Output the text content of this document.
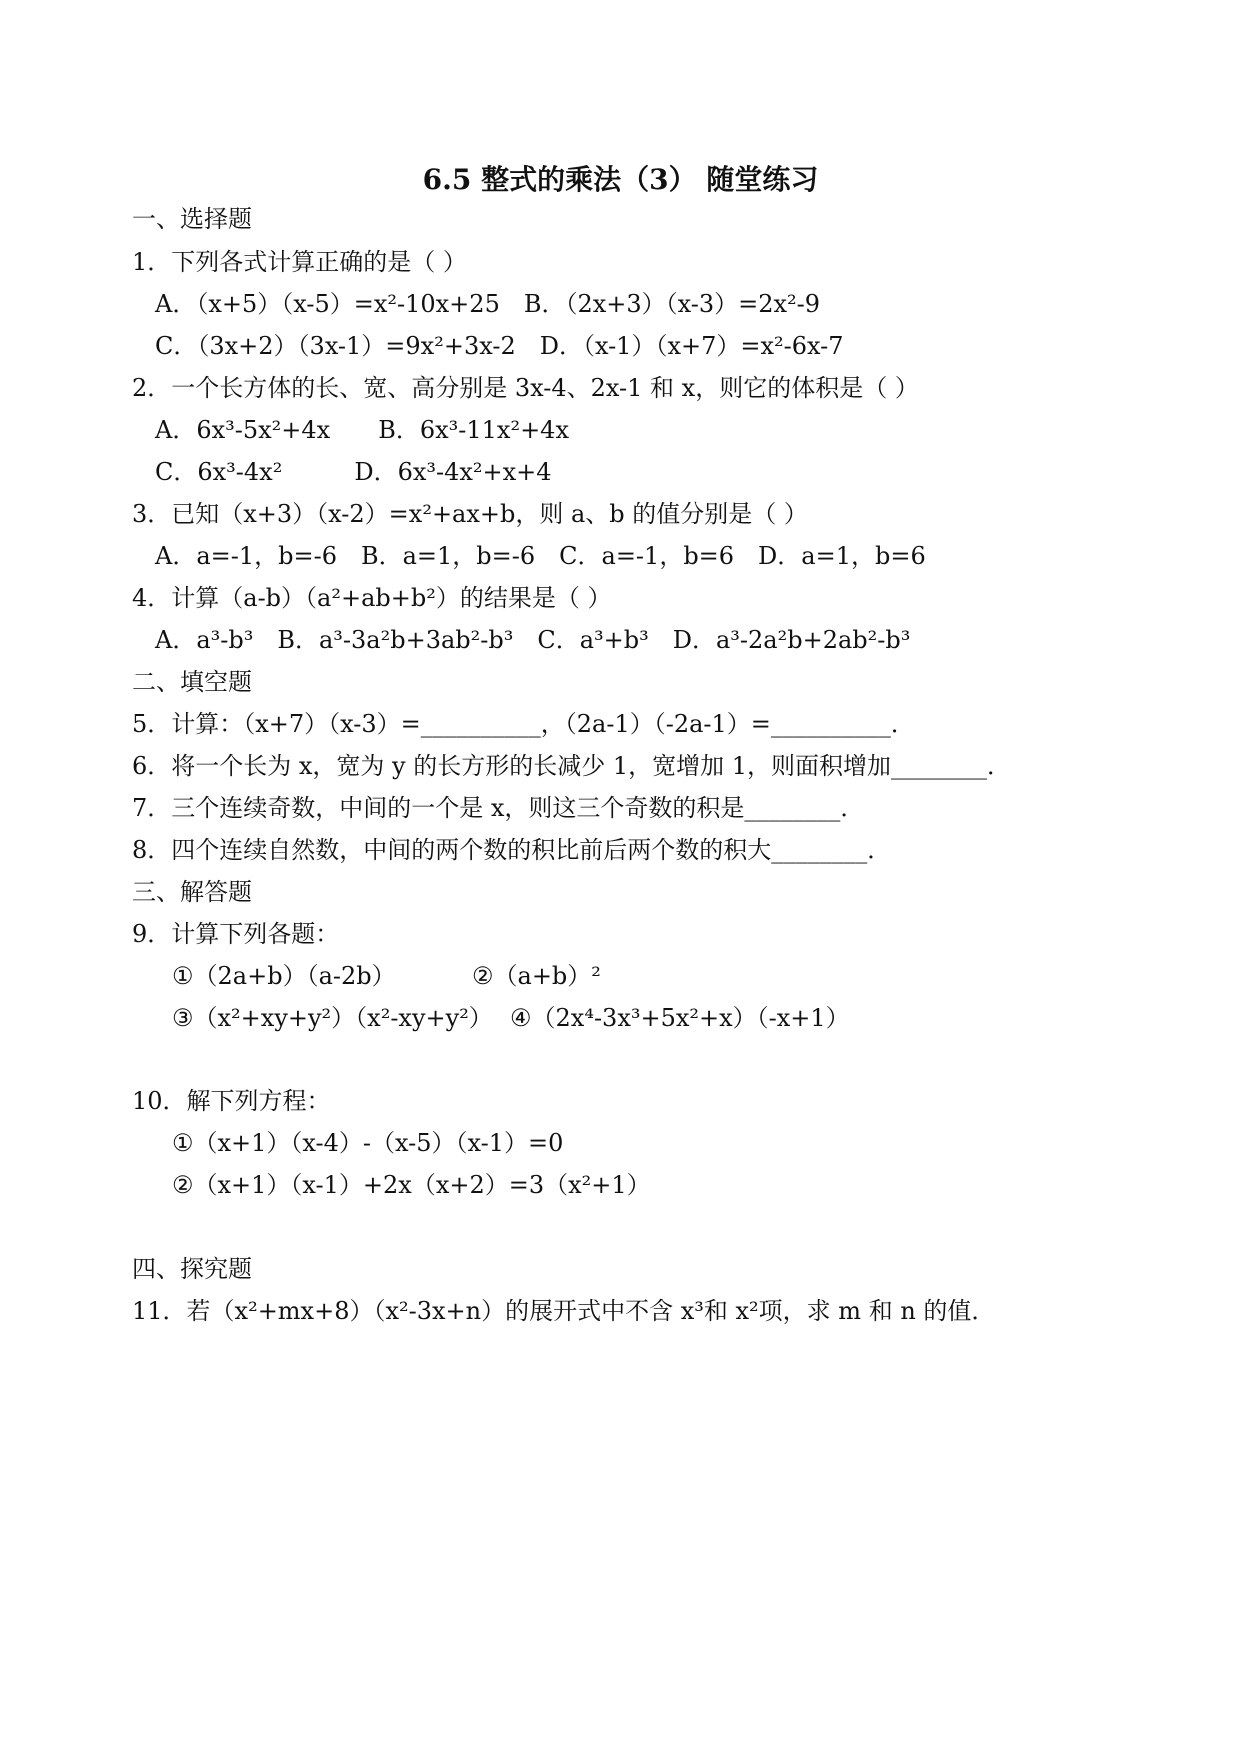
6.5 整式的乘法（3） 随堂练习
一、选择题
1．下列各式计算正确的是（ ）
A．（x+5）（x-5）=x²-10x+25　B．（2x+3）（x-3）=2x²-9
C．（3x+2）（3x-1）=9x²+3x-2　D．（x-1）（x+7）=x²-6x-7
2．一个长方体的长、宽、高分别是 3x-4、2x-1 和 x，则它的体积是（ ）
A．6x³-5x²+4x　　B．6x³-11x²+4x
C．6x³-4x²　　　D．6x³-4x²+x+4
3．已知（x+3）（x-2）=x²+ax+b，则 a、b 的值分别是（ ）
A．a=-1，b=-6　B．a=1，b=-6　C．a=-1，b=6　D．a=1，b=6
4．计算（a-b）（a²+ab+b²）的结果是（ ）
A．a³-b³　B．a³-3a²b+3ab²-b³　C．a³+b³　D．a³-2a²b+2ab²-b³
二、填空题
5．计算：（x+7）（x-3）=__________，（2a-1）（-2a-1）=__________．
6．将一个长为 x，宽为 y 的长方形的长减少 1，宽增加 1，则面积增加________．
7．三个连续奇数，中间的一个是 x，则这三个奇数的积是________．
8．四个连续自然数，中间的两个数的积比前后两个数的积大________．
三、解答题
9．计算下列各题：
①（2a+b）（a-2b）	②（a+b）²
③（x²+xy+y²）（x²-xy+y²） ④（2x⁴-3x³+5x²+x）（-x+1）
10．解下列方程：
①（x+1）（x-4）-（x-5）（x-1）=0
②（x+1）（x-1）+2x（x+2）=3（x²+1）
四、探究题
11．若（x²+mx+8）（x²-3x+n）的展开式中不含 x³和 x²项，求 m 和 n 的值．
